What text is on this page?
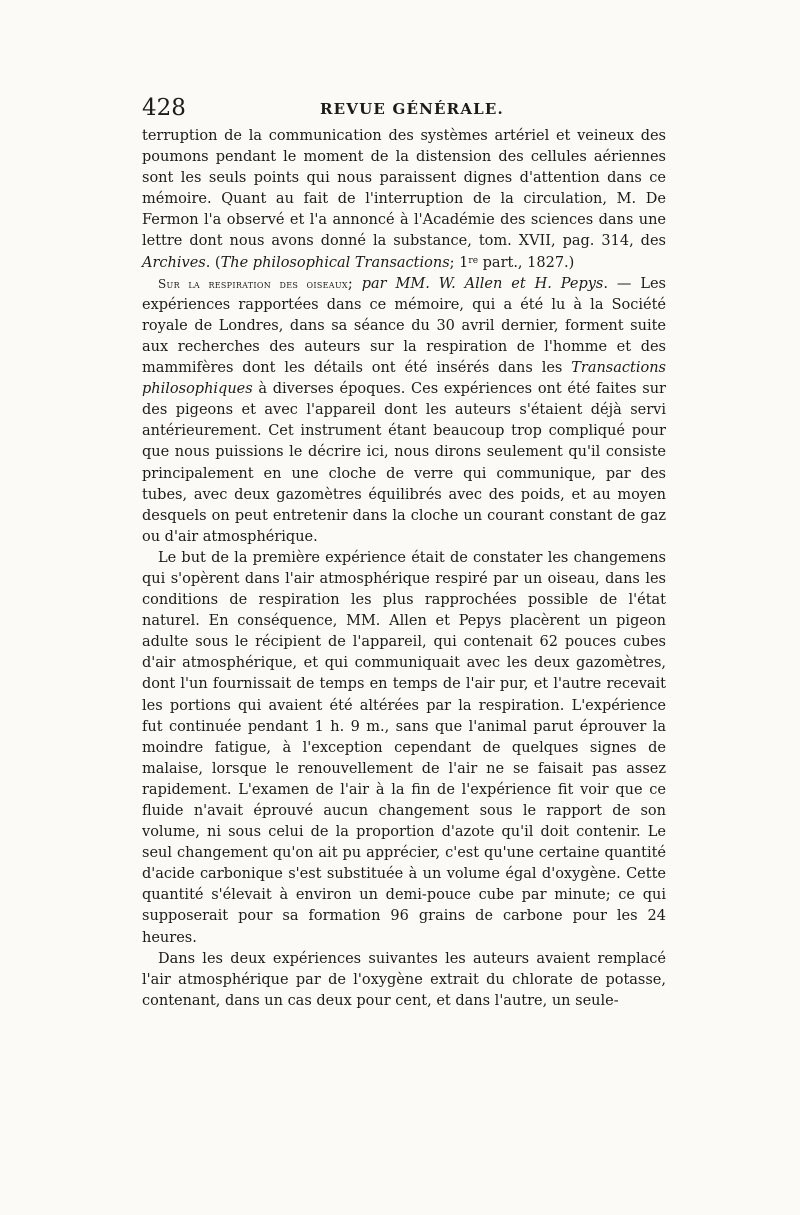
428	REVUE GÉNÉRALE.

terruption de la communication des systèmes artériel et veineux des poumons pendant le moment de la distension des cellules aériennes sont les seuls points qui nous paraissent dignes d'attention dans ce mémoire. Quant au fait de l'interruption de la circulation, M. De Fermon l'a observé et l'a annoncé à l'Académie des sciences dans une lettre dont nous avons donné la substance, tom. XVII, pag. 314, des Archives. (The philosophical Transactions; 1re part., 1827.)

Sur la respiration des oiseaux; par MM. W. Allen et H. Pepys. — Les expériences rapportées dans ce mémoire, qui a été lu à la Société royale de Londres, dans sa séance du 30 avril dernier, forment suite aux recherches des auteurs sur la respiration de l'homme et des mammifères dont les détails ont été insérés dans les Transactions philosophiques à diverses époques. Ces expériences ont été faites sur des pigeons et avec l'appareil dont les auteurs s'étaient déjà servi antérieurement. Cet instrument étant beaucoup trop compliqué pour que nous puissions le décrire ici, nous dirons seulement qu'il consiste principalement en une cloche de verre qui communique, par des tubes, avec deux gazomètres équilibrés avec des poids, et au moyen desquels on peut entretenir dans la cloche un courant constant de gaz ou d'air atmosphérique.

Le but de la première expérience était de constater les changemens qui s'opèrent dans l'air atmosphérique respiré par un oiseau, dans les conditions de respiration les plus rapprochées possible de l'état naturel. En conséquence, MM. Allen et Pepys placèrent un pigeon adulte sous le récipient de l'appareil, qui contenait 62 pouces cubes d'air atmosphérique, et qui communiquait avec les deux gazomètres, dont l'un fournissait de temps en temps de l'air pur, et l'autre recevait les portions qui avaient été altérées par la respiration. L'expérience fut continuée pendant 1 h. 9 m., sans que l'animal parut éprouver la moindre fatigue, à l'exception cependant de quelques signes de malaise, lorsque le renouvellement de l'air ne se faisait pas assez rapidement. L'examen de l'air à la fin de l'expérience fit voir que ce fluide n'avait éprouvé aucun changement sous le rapport de son volume, ni sous celui de la proportion d'azote qu'il doit contenir. Le seul changement qu'on ait pu apprécier, c'est qu'une certaine quantité d'acide carbonique s'est substituée à un volume égal d'oxygène. Cette quantité s'élevait à environ un demi-pouce cube par minute; ce qui supposerait pour sa formation 96 grains de carbone pour les 24 heures.

Dans les deux expériences suivantes les auteurs avaient remplacé l'air atmosphérique par de l'oxygène extrait du chlorate de potasse, contenant, dans un cas deux pour cent, et dans l'autre, un seule-
